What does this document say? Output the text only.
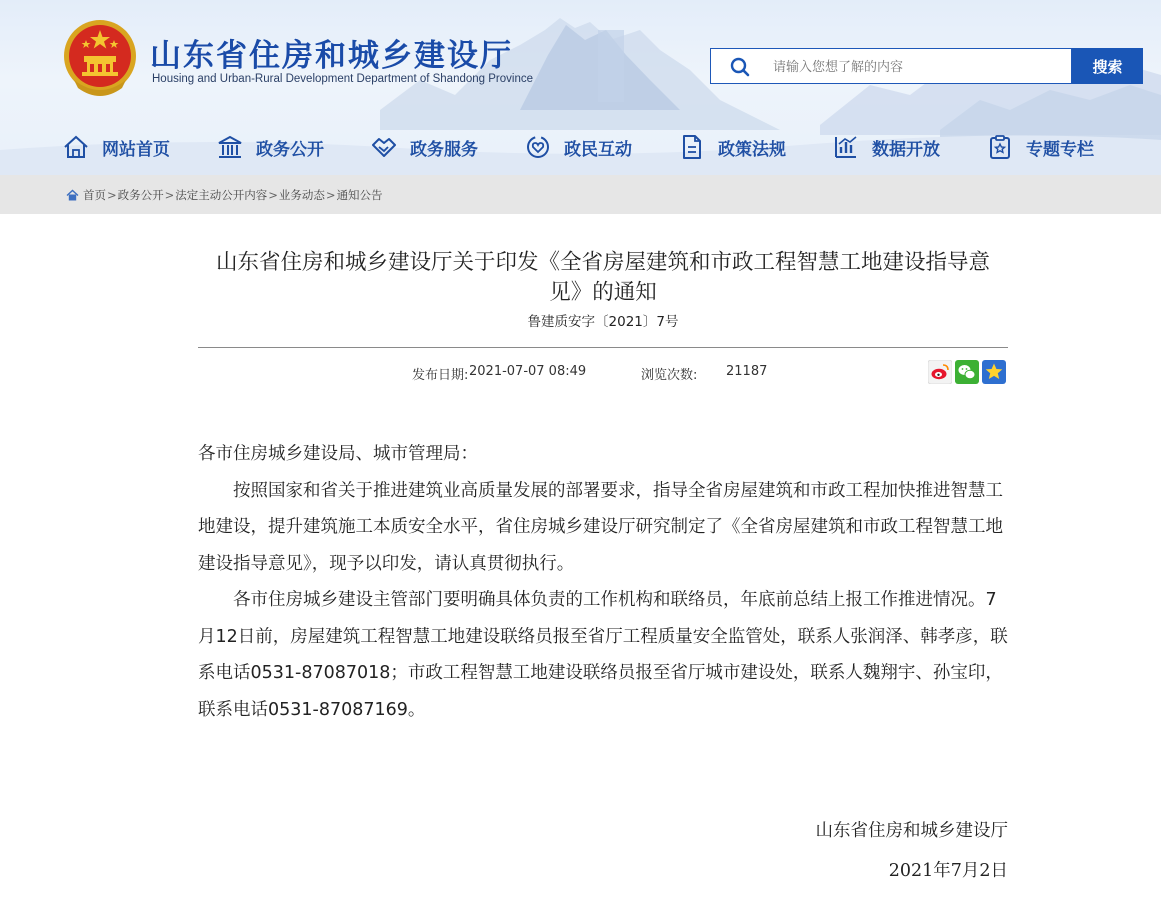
山东省住房和城乡建设厅
Housing and Urban-Rural Development Department of Shandong Province
请输入您想了解的内容
搜索
网站首页	政务公开	政务服务	政民互动	政策法规	数据开放	专题专栏
首页 > 政务公开 > 法定主动公开内容 > 业务动态 > 通知公告
山东省住房和城乡建设厅关于印发《全省房屋建筑和市政工程智慧工地建设指导意
见》的通知
鲁建质安字〔2021〕7号
发布日期: 2021-07-07 08:49	浏览次数: 21187

各市住房城乡建设局、城市管理局：

按照国家和省关于推进建筑业高质量发展的部署要求，指导全省房屋建筑和市政工程加快推进智慧工地建设，提升建筑施工本质安全水平，省住房城乡建设厅研究制定了《全省房屋建筑和市政工程智慧工地建设指导意见》，现予以印发，请认真贯彻执行。

各市住房城乡建设主管部门要明确具体负责的工作机构和联络员，年底前总结上报工作推进情况。7月12日前，房屋建筑工程智慧工地建设联络员报至省厅工程质量安全监管处，联系人张润泽、韩孝彦，联系电话0531-87087018；市政工程智慧工地建设联络员报至省厅城市建设处，联系人魏翔宇、孙宝印，联系电话0531-87087169。

山东省住房和城乡建设厅
2021年7月2日
